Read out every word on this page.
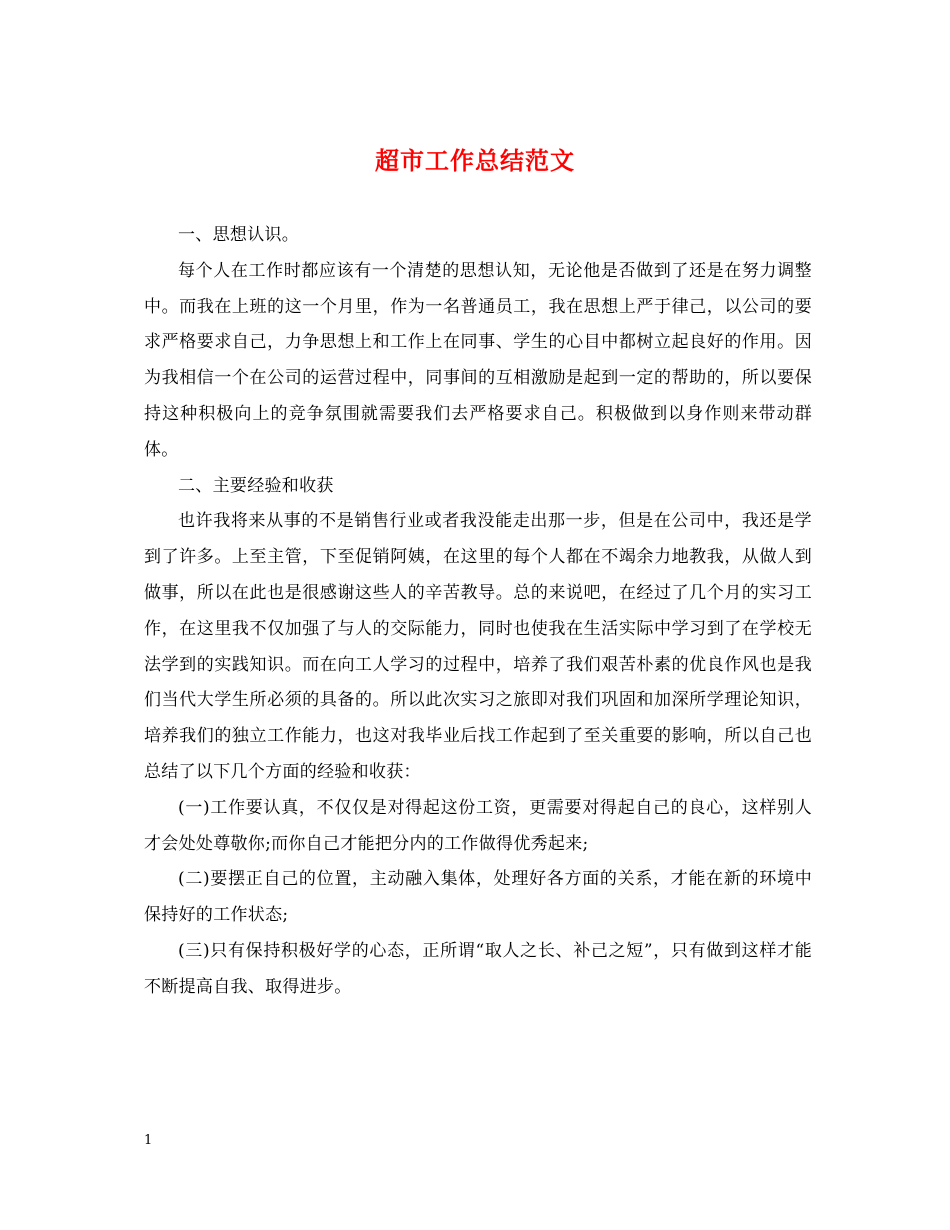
超市工作总结范文

一、思想认识。

每个人在工作时都应该有一个清楚的思想认知，无论他是否做到了还是在努力调整中。而我在上班的这一个月里，作为一名普通员工，我在思想上严于律己，以公司的要求严格要求自己，力争思想上和工作上在同事、学生的心目中都树立起良好的作用。因为我相信一个在公司的运营过程中，同事间的互相激励是起到一定的帮助的，所以要保持这种积极向上的竞争氛围就需要我们去严格要求自己。积极做到以身作则来带动群体。

二、主要经验和收获

也许我将来从事的不是销售行业或者我没能走出那一步，但是在公司中，我还是学到了许多。上至主管，下至促销阿姨，在这里的每个人都在不竭余力地教我，从做人到做事，所以在此也是很感谢这些人的辛苦教导。总的来说吧，在经过了几个月的实习工作，在这里我不仅加强了与人的交际能力，同时也使我在生活实际中学习到了在学校无法学到的实践知识。而在向工人学习的过程中，培养了我们艰苦朴素的优良作风也是我们当代大学生所必须的具备的。所以此次实习之旅即对我们巩固和加深所学理论知识，培养我们的独立工作能力，也这对我毕业后找工作起到了至关重要的影响，所以自己也总结了以下几个方面的经验和收获：

(一)工作要认真，不仅仅是对得起这份工资，更需要对得起自己的良心，这样别人才会处处尊敬你;而你自己才能把分内的工作做得优秀起来;

(二)要摆正自己的位置，主动融入集体，处理好各方面的关系，才能在新的环境中保持好的工作状态;

(三)只有保持积极好学的心态，正所谓“取人之长、补己之短”，只有做到这样才能不断提高自我、取得进步。

1
